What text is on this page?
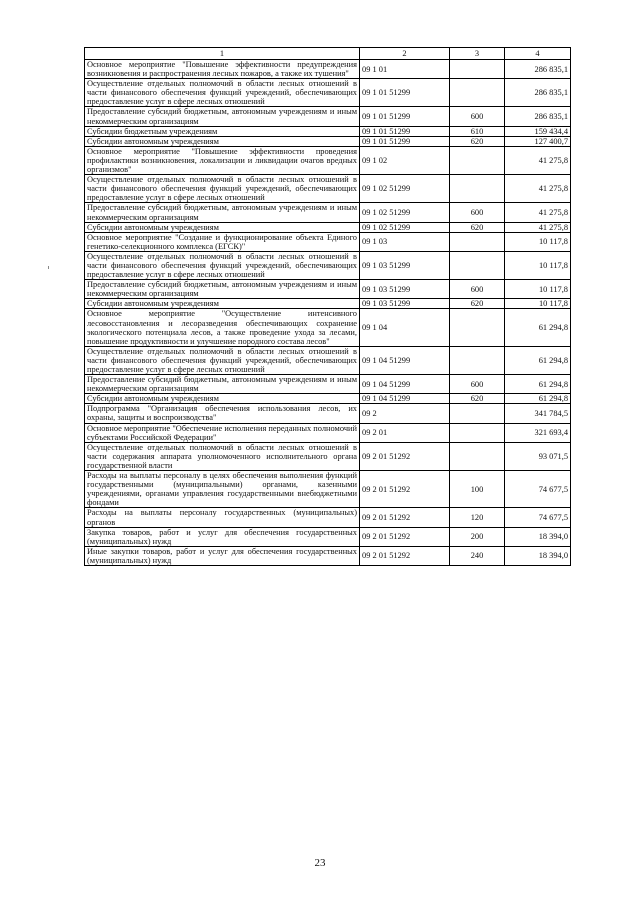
1	2	3	4
Основное мероприятие "Повышение эффективности предупреждения возникновения и распространения лесных пожаров, а также их тушения"	09 1 01		286 835,1
Осуществление отдельных полномочий в области лесных отношений в части финансового обеспечения функций учреждений, обеспечивающих предоставление услуг в сфере лесных отношений	09 1 01 51299		286 835,1
Предоставление субсидий бюджетным, автономным учреждениям и иным некоммерческим организациям	09 1 01 51299	600	286 835,1
Субсидии бюджетным учреждениям	09 1 01 51299	610	159 434,4
Субсидии автономным учреждениям	09 1 01 51299	620	127 400,7
Основное мероприятие "Повышение эффективности проведения профилактики возникновения, локализации и ликвидации очагов вредных организмов"	09 1 02		41 275,8
Осуществление отдельных полномочий в области лесных отношений в части финансового обеспечения функций учреждений, обеспечивающих предоставление услуг в сфере лесных отношений	09 1 02 51299		41 275,8
Предоставление субсидий бюджетным, автономным учреждениям и иным некоммерческим организациям	09 1 02 51299	600	41 275,8
Субсидии автономным учреждениям	09 1 02 51299	620	41 275,8
Основное мероприятие "Создание и функционирование объекта Единого генетико-селекционного комплекса (ЕГСК)"	09 1 03		10 117,8
Осуществление отдельных полномочий в области лесных отношений в части финансового обеспечения функций учреждений, обеспечивающих предоставление услуг в сфере лесных отношений	09 1 03 51299		10 117,8
Предоставление субсидий бюджетным, автономным учреждениям и иным некоммерческим организациям	09 1 03 51299	600	10 117,8
Субсидии автономным учреждениям	09 1 03 51299	620	10 117,8
Основное мероприятие "Осуществление интенсивного лесовосстановления и лесоразведения обеспечивающих сохранение экологического потенциала лесов, а также проведение ухода за лесами, повышение продуктивности и улучшение породного состава лесов"	09 1 04		61 294,8
Осуществление отдельных полномочий в области лесных отношений в части финансового обеспечения функций учреждений, обеспечивающих предоставление услуг в сфере лесных отношений	09 1 04 51299		61 294,8
Предоставление субсидий бюджетным, автономным учреждениям и иным некоммерческим организациям	09 1 04 51299	600	61 294,8
Субсидии автономным учреждениям	09 1 04 51299	620	61 294,8
Подпрограмма "Организация обеспечения использования лесов, их охраны, защиты и воспроизводства"	09 2		341 784,5
Основное мероприятие "Обеспечение исполнения переданных полномочий субъектами Российской Федерации"	09 2 01		321 693,4
Осуществление отдельных полномочий в области лесных отношений в части содержания аппарата уполномоченного исполнительного органа государственной власти	09 2 01 51292		93 071,5
Расходы на выплаты персоналу в целях обеспечения выполнения функций государственными (муниципальными) органами, казенными учреждениями, органами управления государственными внебюджетными фондами	09 2 01 51292	100	74 677,5
Расходы на выплаты персоналу государственных (муниципальных) органов	09 2 01 51292	120	74 677,5
Закупка товаров, работ и услуг для обеспечения государственных (муниципальных) нужд	09 2 01 51292	200	18 394,0
Иные закупки товаров, работ и услуг для обеспечения государственных (муниципальных) нужд	09 2 01 51292	240	18 394,0
23
